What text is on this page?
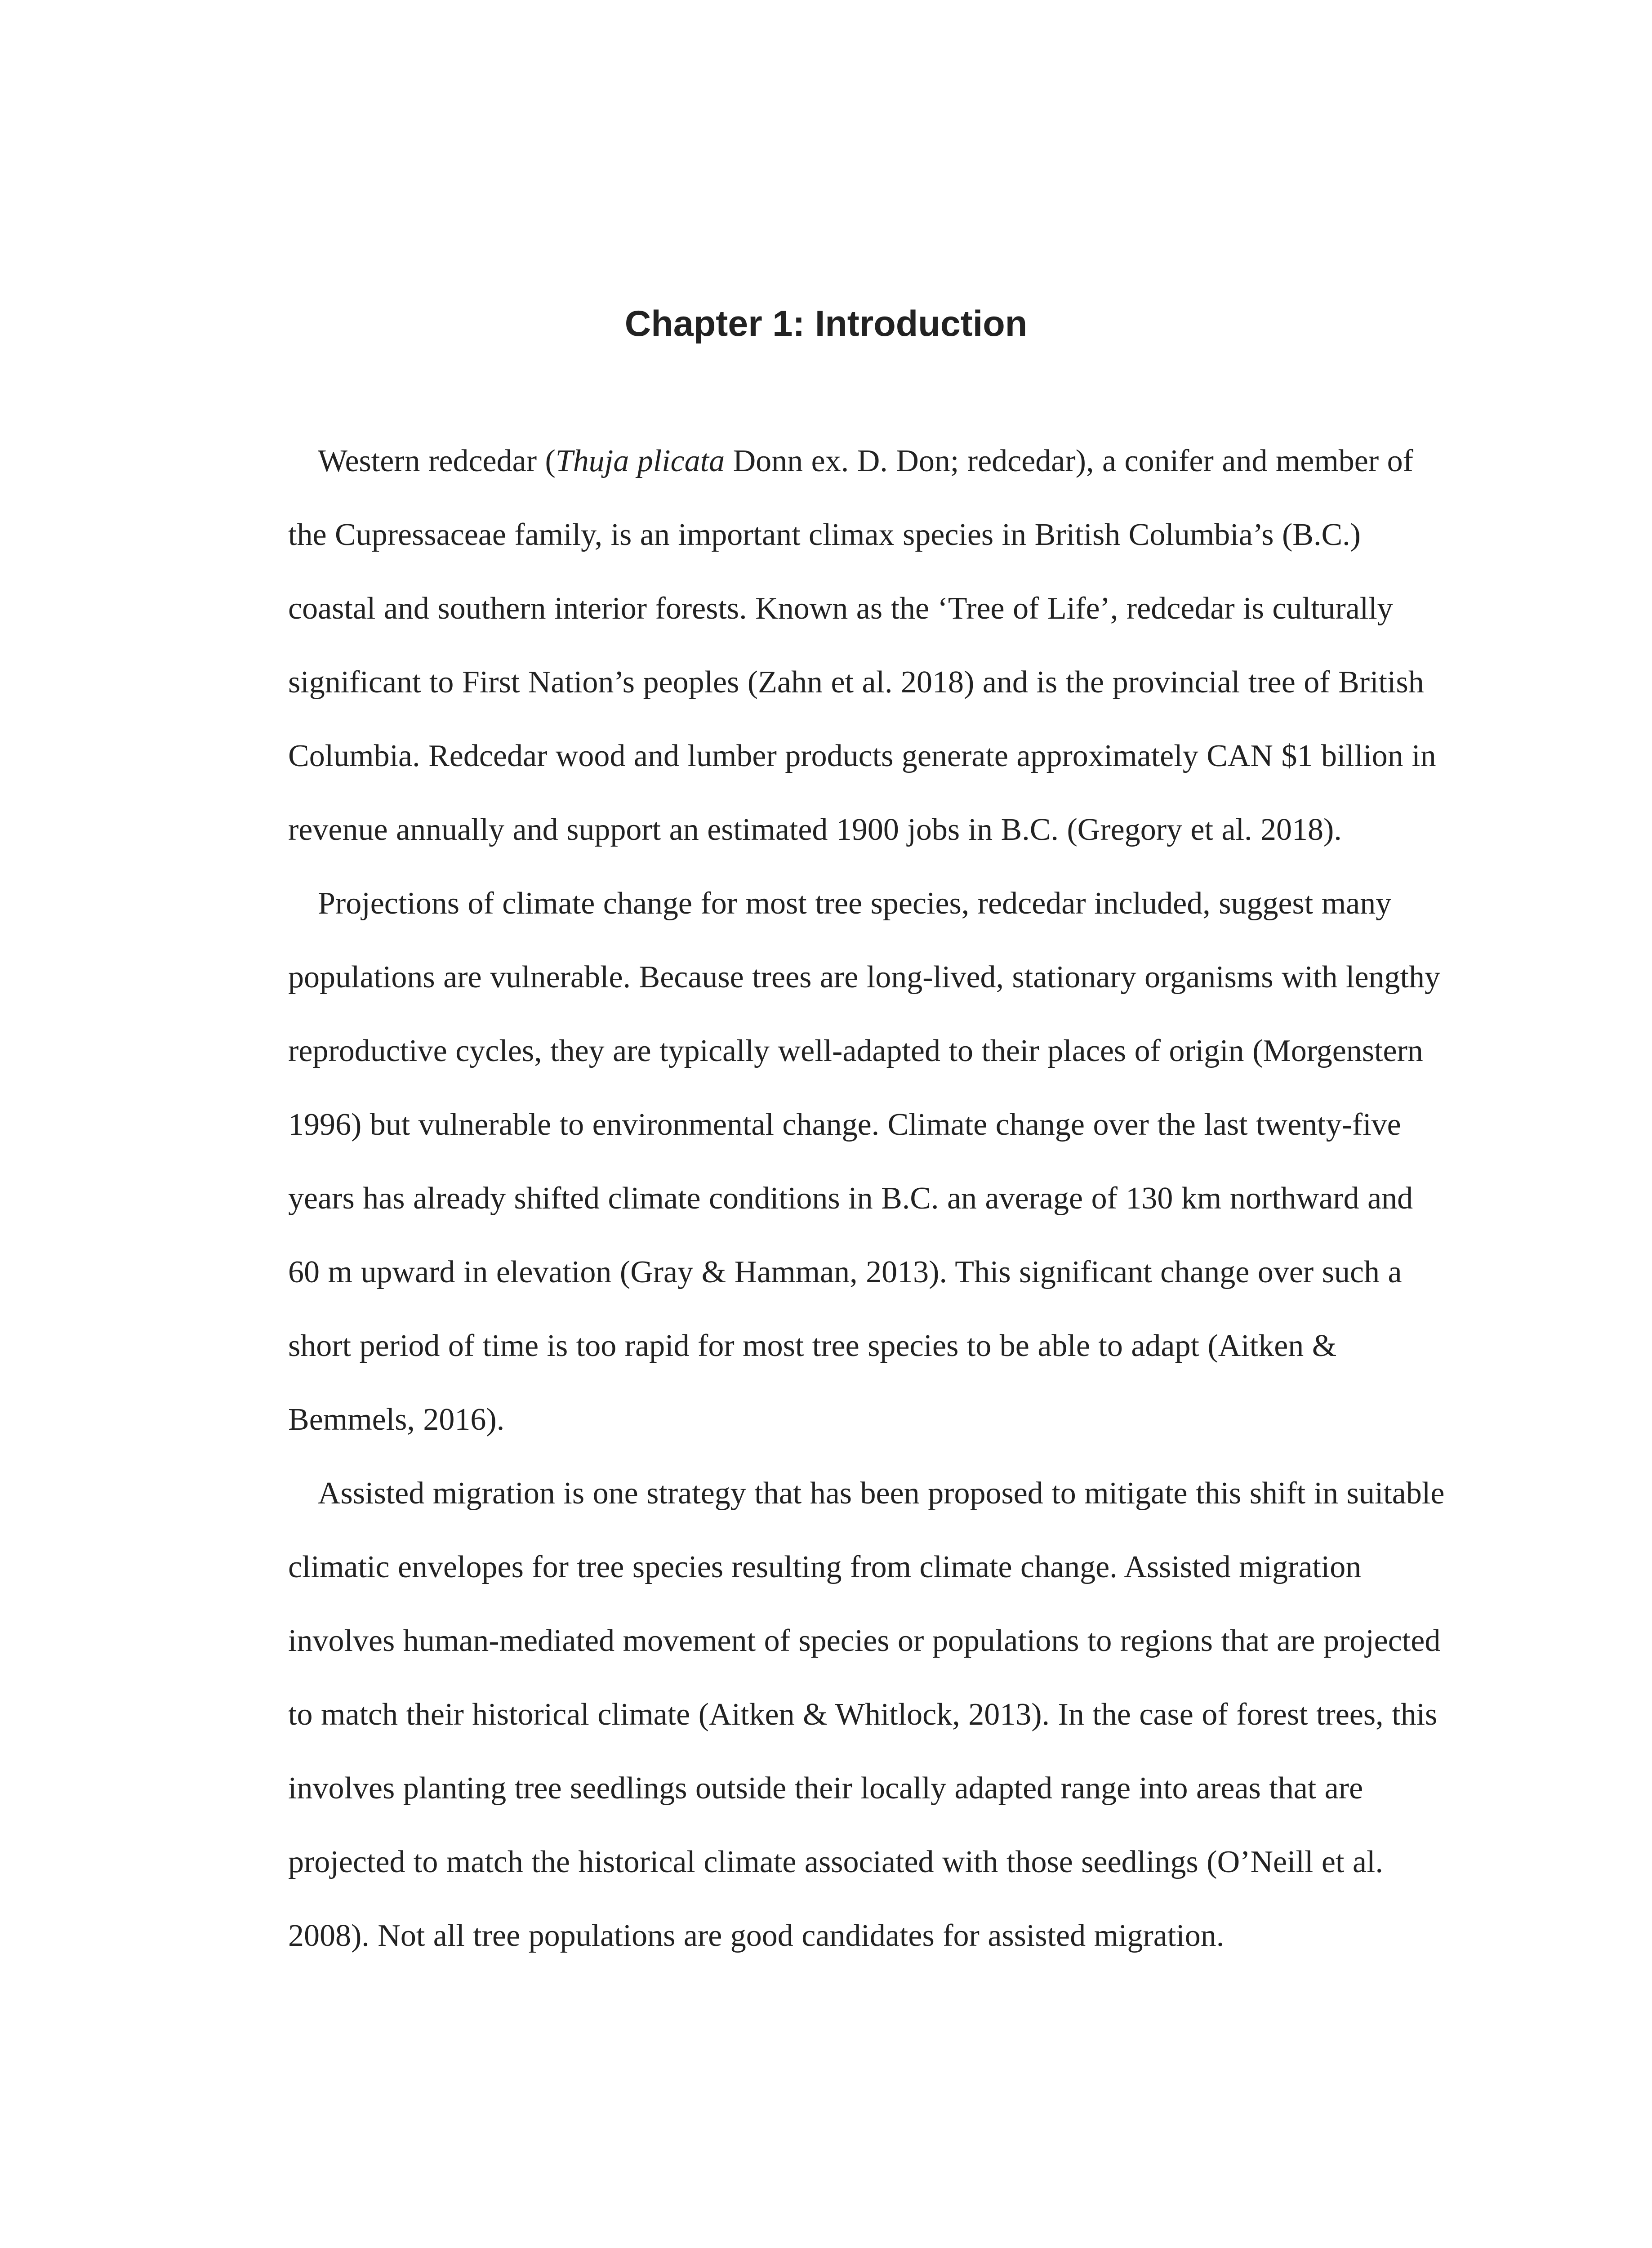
Chapter 1: Introduction

Western redcedar (Thuja plicata Donn ex. D. Don; redcedar), a conifer and member of the Cupressaceae family, is an important climax species in British Columbia’s (B.C.) coastal and southern interior forests. Known as the ‘Tree of Life’, redcedar is culturally significant to First Nation’s peoples (Zahn et al. 2018) and is the provincial tree of British Columbia. Redcedar wood and lumber products generate approximately CAN $1 billion in revenue annually and support an estimated 1900 jobs in B.C. (Gregory et al. 2018).

Projections of climate change for most tree species, redcedar included, suggest many populations are vulnerable. Because trees are long-lived, stationary organisms with lengthy reproductive cycles, they are typically well-adapted to their places of origin (Morgenstern 1996) but vulnerable to environmental change. Climate change over the last twenty-five years has already shifted climate conditions in B.C. an average of 130 km northward and 60 m upward in elevation (Gray & Hamman, 2013). This significant change over such a short period of time is too rapid for most tree species to be able to adapt (Aitken & Bemmels, 2016).

Assisted migration is one strategy that has been proposed to mitigate this shift in suitable climatic envelopes for tree species resulting from climate change. Assisted migration involves human-mediated movement of species or populations to regions that are projected to match their historical climate (Aitken & Whitlock, 2013). In the case of forest trees, this involves planting tree seedlings outside their locally adapted range into areas that are projected to match the historical climate associated with those seedlings (O’Neill et al. 2008). Not all tree populations are good candidates for assisted migration.
